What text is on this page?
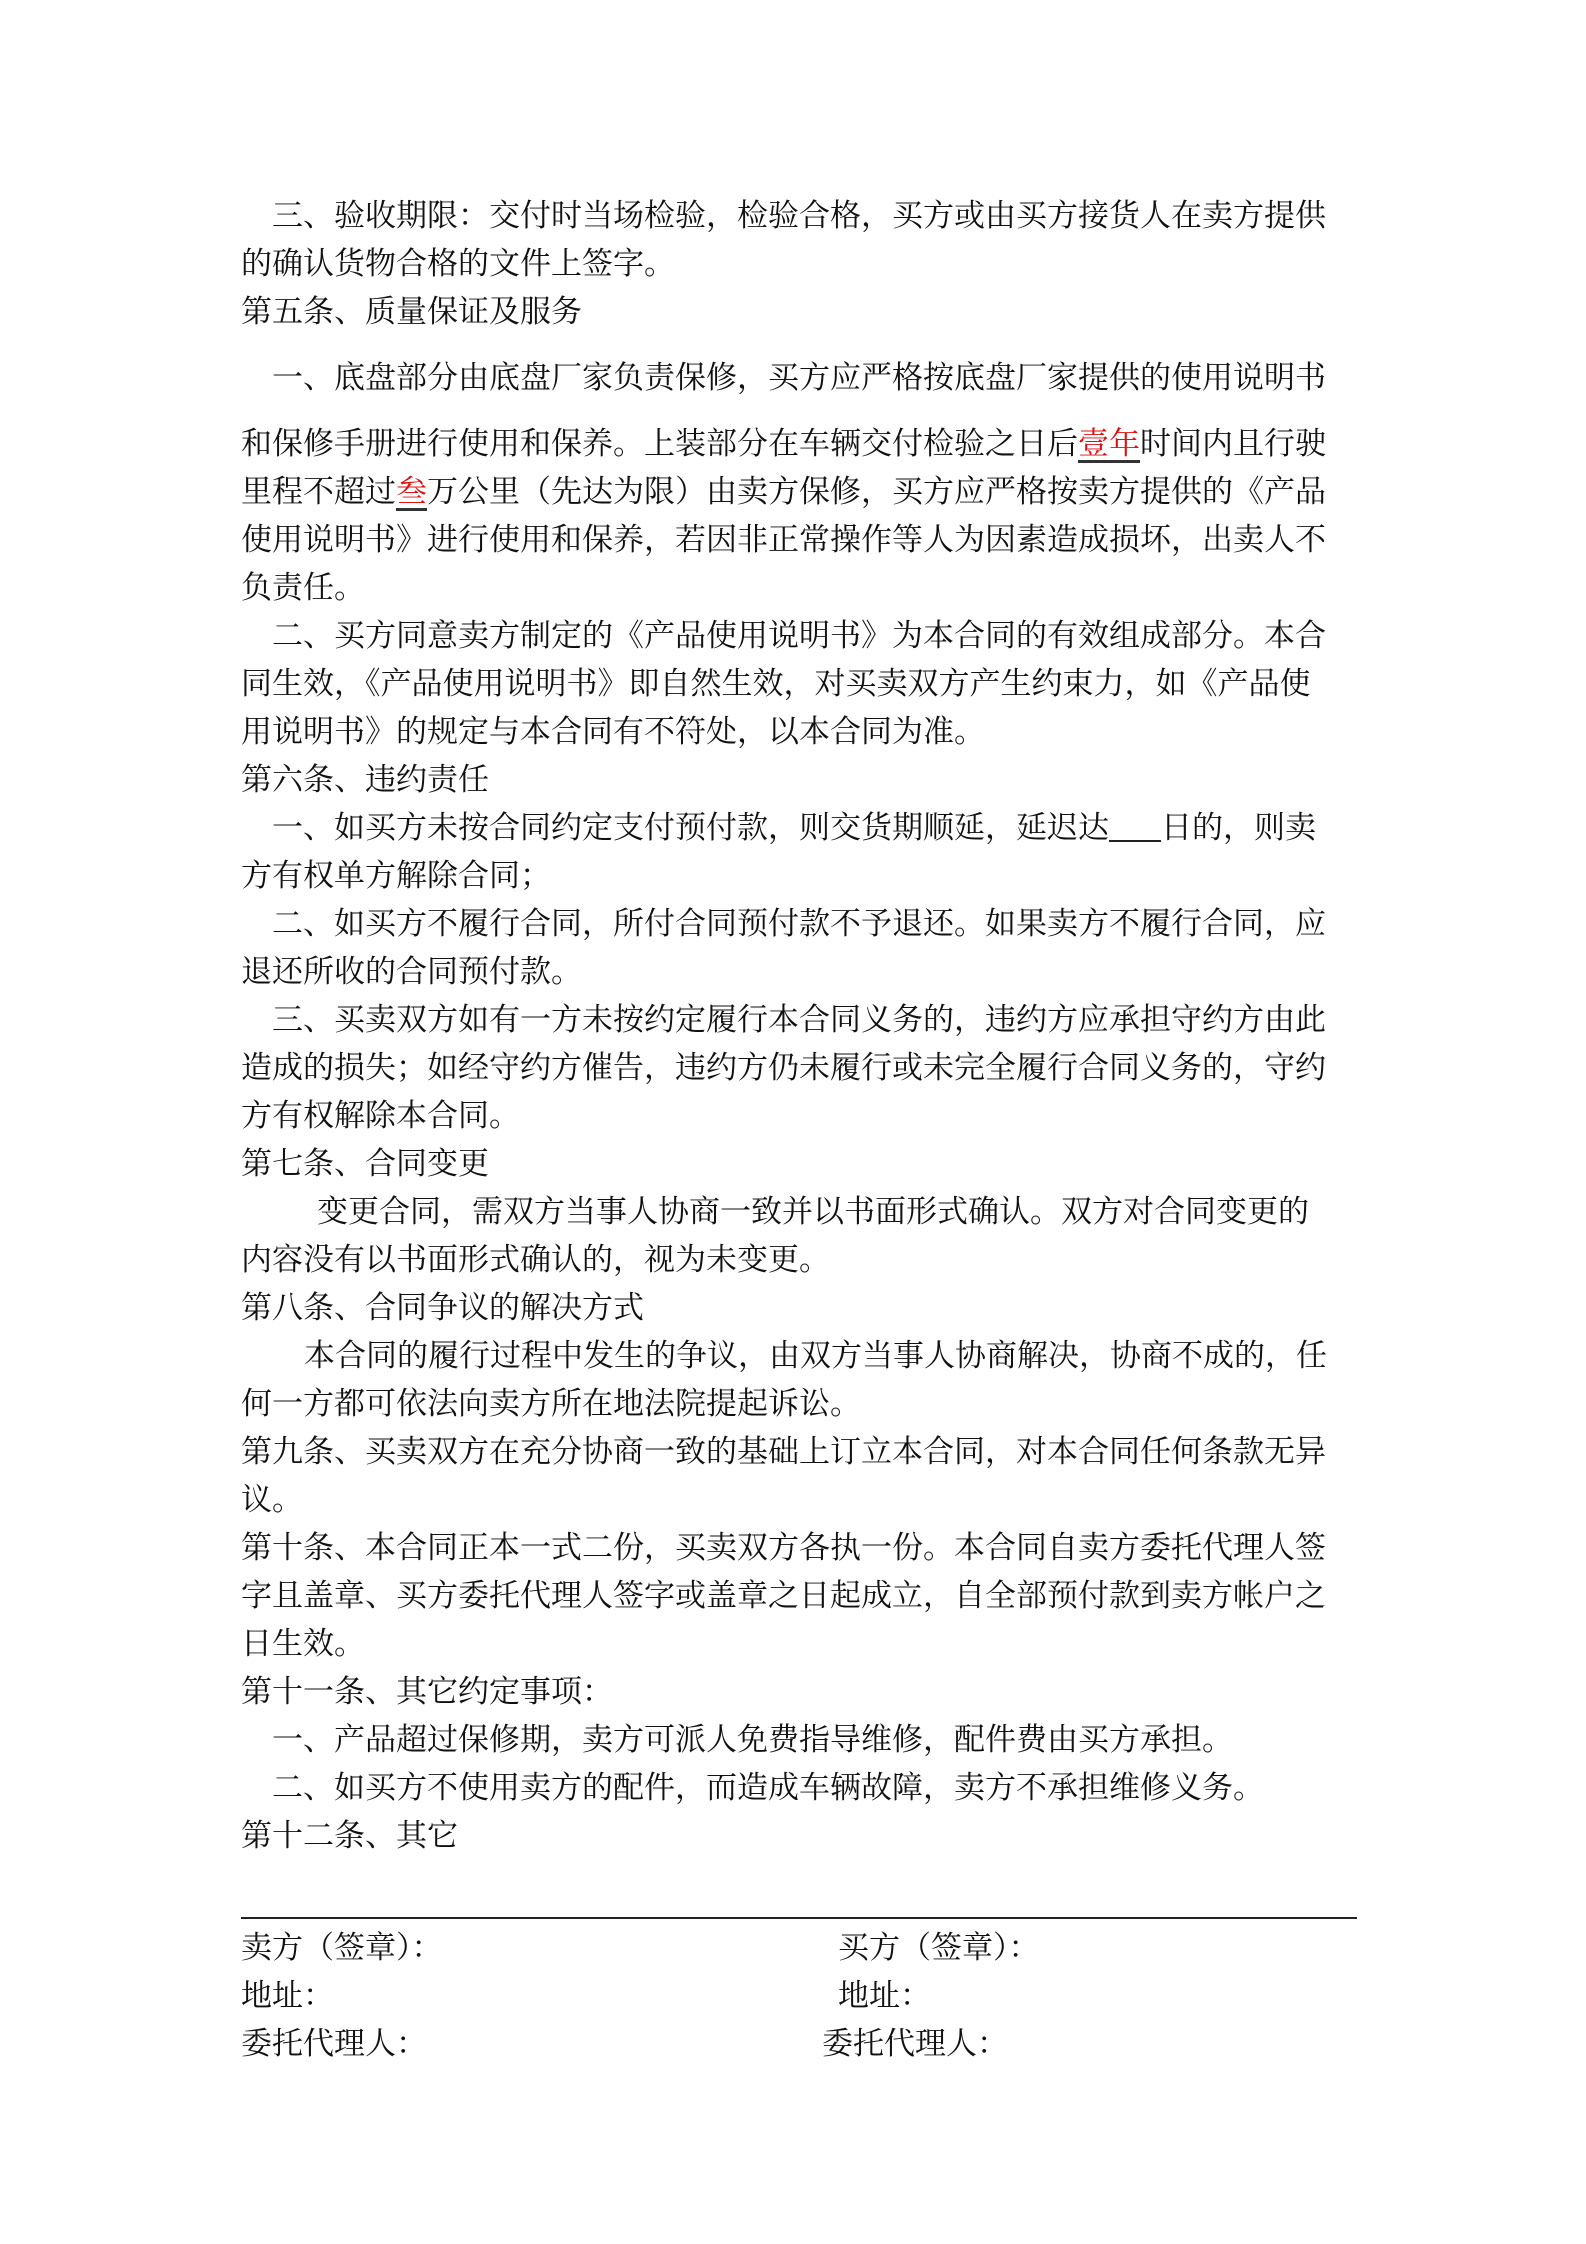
三、验收期限：交付时当场检验，检验合格，买方或由买方接货人在卖方提供
的确认货物合格的文件上签字。
第五条、质量保证及服务
一、底盘部分由底盘厂家负责保修，买方应严格按底盘厂家提供的使用说明书
和保修手册进行使用和保养。上装部分在车辆交付检验之日后壹年时间内且行驶
里程不超过叁万公里（先达为限）由卖方保修，买方应严格按卖方提供的《产品
使用说明书》进行使用和保养，若因非正常操作等人为因素造成损坏，出卖人不
负责任。
二、买方同意卖方制定的《产品使用说明书》为本合同的有效组成部分。本合
同生效，《产品使用说明书》即自然生效，对买卖双方产生约束力，如《产品使
用说明书》的规定与本合同有不符处，以本合同为准。
第六条、违约责任
一、如买方未按合同约定支付预付款，则交货期顺延，延迟达 日的，则卖
方有权单方解除合同；
二、如买方不履行合同，所付合同预付款不予退还。如果卖方不履行合同，应
退还所收的合同预付款。
三、买卖双方如有一方未按约定履行本合同义务的，违约方应承担守约方由此
造成的损失；如经守约方催告，违约方仍未履行或未完全履行合同义务的，守约
方有权解除本合同。
第七条、合同变更
变更合同，需双方当事人协商一致并以书面形式确认。双方对合同变更的
内容没有以书面形式确认的，视为未变更。
第八条、合同争议的解决方式
本合同的履行过程中发生的争议，由双方当事人协商解决，协商不成的，任
何一方都可依法向卖方所在地法院提起诉讼。
第九条、买卖双方在充分协商一致的基础上订立本合同，对本合同任何条款无异
议。
第十条、本合同正本一式二份，买卖双方各执一份。本合同自卖方委托代理人签
字且盖章、买方委托代理人签字或盖章之日起成立，自全部预付款到卖方帐户之
日生效。
第十一条、其它约定事项：
一、产品超过保修期，卖方可派人免费指导维修，配件费由买方承担。
二、如买方不使用卖方的配件，而造成车辆故障，卖方不承担维修义务。
第十二条、其它
卖方（签章）：
地址：
委托代理人：
买方（签章）：
地址：
委托代理人：
